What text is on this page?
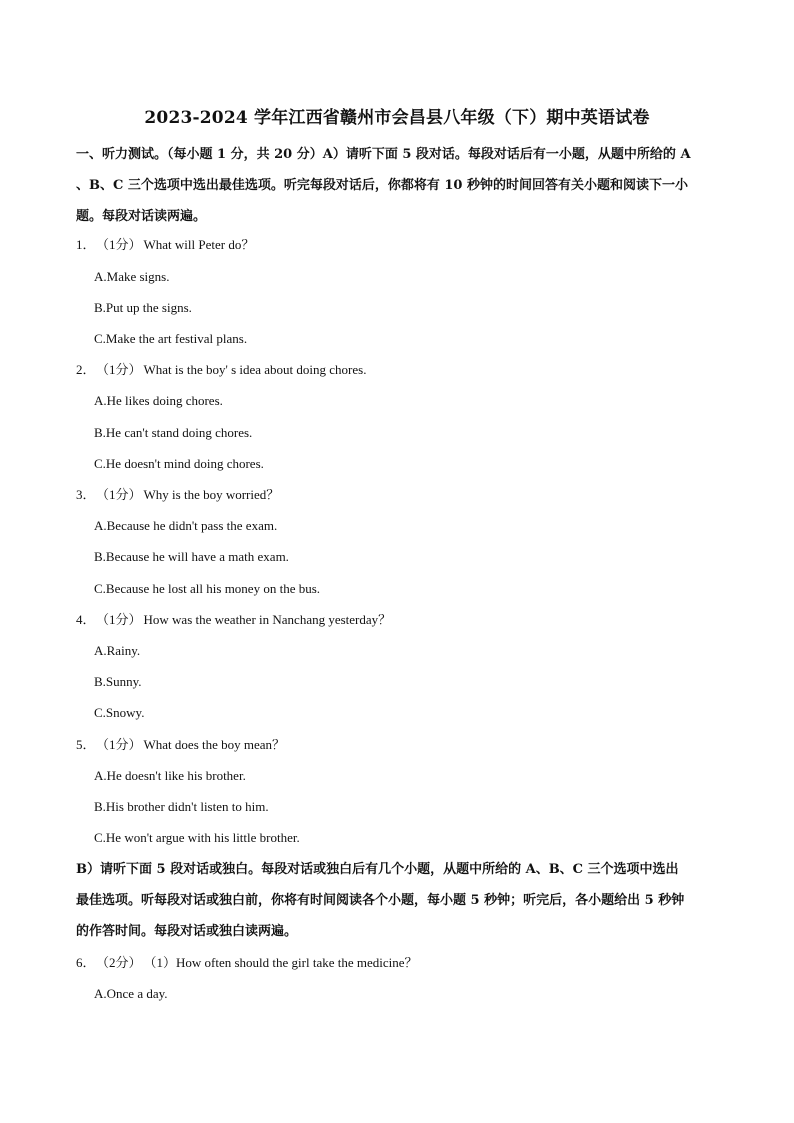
2023-2024 学年江西省赣州市会昌县八年级（下）期中英语试卷
一、听力测试。（每小题 1 分，共 20 分）A）请听下面 5 段对话。每段对话后有一小题，从题中所给的 A
、B、C 三个选项中选出最佳选项。听完每段对话后，你都将有 10 秒钟的时间回答有关小题和阅读下一小
题。每段对话读两遍。
1．（1分） What will Peter do？
A.Make signs.
B.Put up the signs.
C.Make the art festival plans.
2．（1分） What is the boy' s idea about doing chores.
A.He likes doing chores.
B.He can't stand doing chores.
C.He doesn't mind doing chores.
3．（1分） Why is the boy worried？
A.Because he didn't pass the exam.
B.Because he will have a math exam.
C.Because he lost all his money on the bus.
4．（1分） How was the weather in Nanchang yesterday？
A.Rainy.
B.Sunny.
C.Snowy.
5．（1分） What does the boy mean？
A.He doesn't like his brother.
B.His brother didn't listen to him.
C.He won't argue with his little brother.
B）请听下面 5 段对话或独白。每段对话或独白后有几个小题，从题中所给的 A、B、C 三个选项中选出
最佳选项。听每段对话或独白前，你将有时间阅读各个小题，每小题 5 秒钟；听完后，各小题给出 5 秒钟
的作答时间。每段对话或独白读两遍。
6．（2分） （1）How often should the girl take the medicine？
A.Once a day.
